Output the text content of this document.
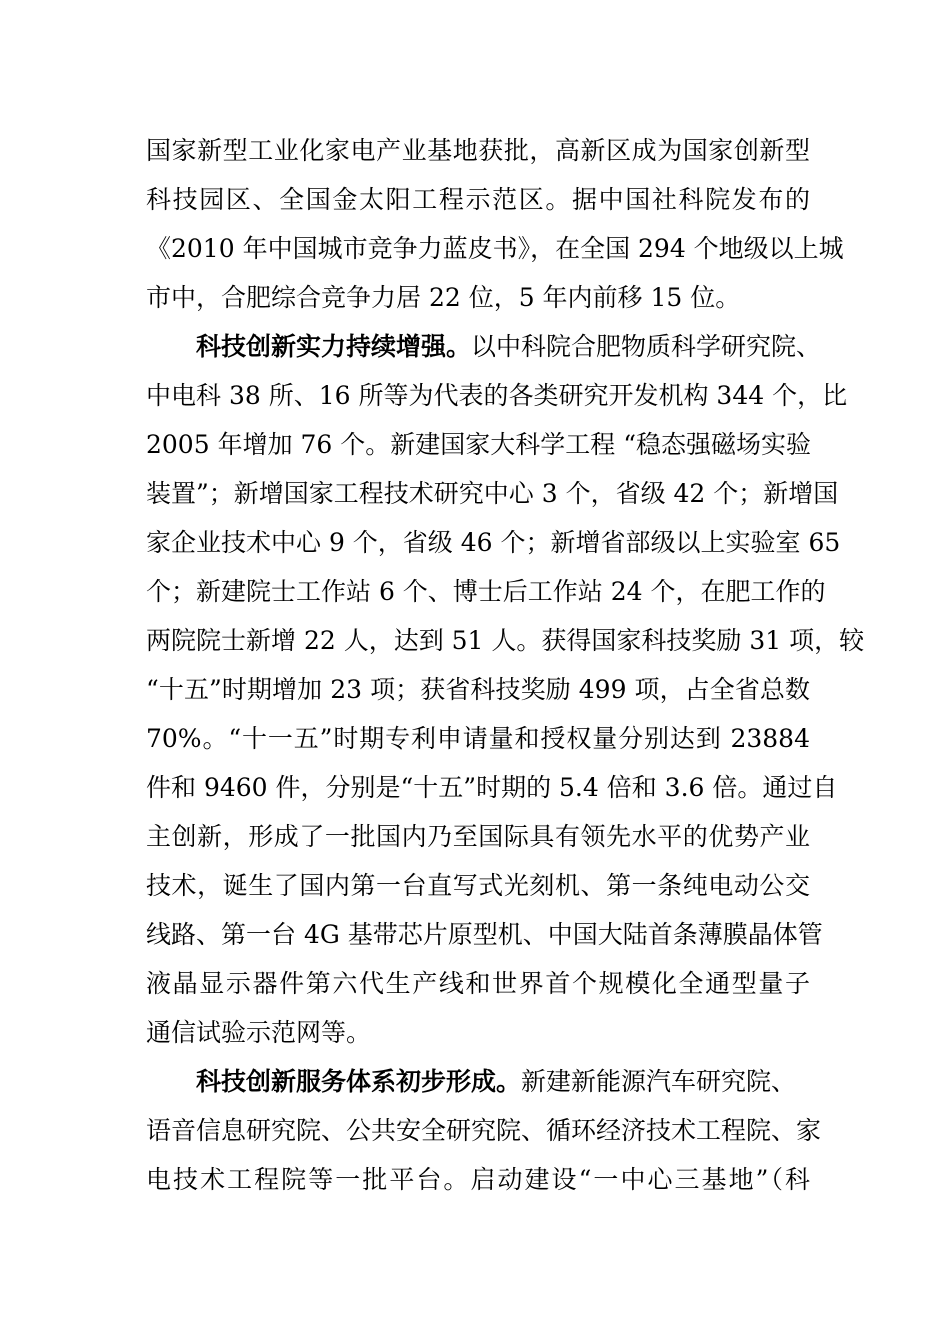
国家新型工业化家电产业基地获批，高新区成为国家创新型
科技园区、全国金太阳工程示范区。据中国社科院发布的
《2010 年中国城市竞争力蓝皮书》，在全国 294 个地级以上城
市中，合肥综合竞争力居 22 位，5 年内前移 15 位。
科技创新实力持续增强。以中科院合肥物质科学研究院、
中电科 38 所、16 所等为代表的各类研究开发机构 344 个，比
2005 年增加 76 个。新建国家大科学工程 “稳态强磁场实验
装置”；新增国家工程技术研究中心 3 个，省级 42 个；新增国
家企业技术中心 9 个，省级 46 个；新增省部级以上实验室 65
个；新建院士工作站 6 个、博士后工作站 24 个，在肥工作的
两院院士新增 22 人，达到 51 人。获得国家科技奖励 31 项，较
“十五”时期增加 23 项；获省科技奖励 499 项，占全省总数
70%。“十一五”时期专利申请量和授权量分别达到 23884
件和 9460 件，分别是“十五”时期的 5.4 倍和 3.6 倍。通过自
主创新，形成了一批国内乃至国际具有领先水平的优势产业
技术，诞生了国内第一台直写式光刻机、第一条纯电动公交
线路、第一台 4G 基带芯片原型机、中国大陆首条薄膜晶体管
液晶显示器件第六代生产线和世界首个规模化全通型量子
通信试验示范网等。
科技创新服务体系初步形成。新建新能源汽车研究院、
语音信息研究院、公共安全研究院、循环经济技术工程院、家
电技术工程院等一批平台。启动建设“一中心三基地”（科
